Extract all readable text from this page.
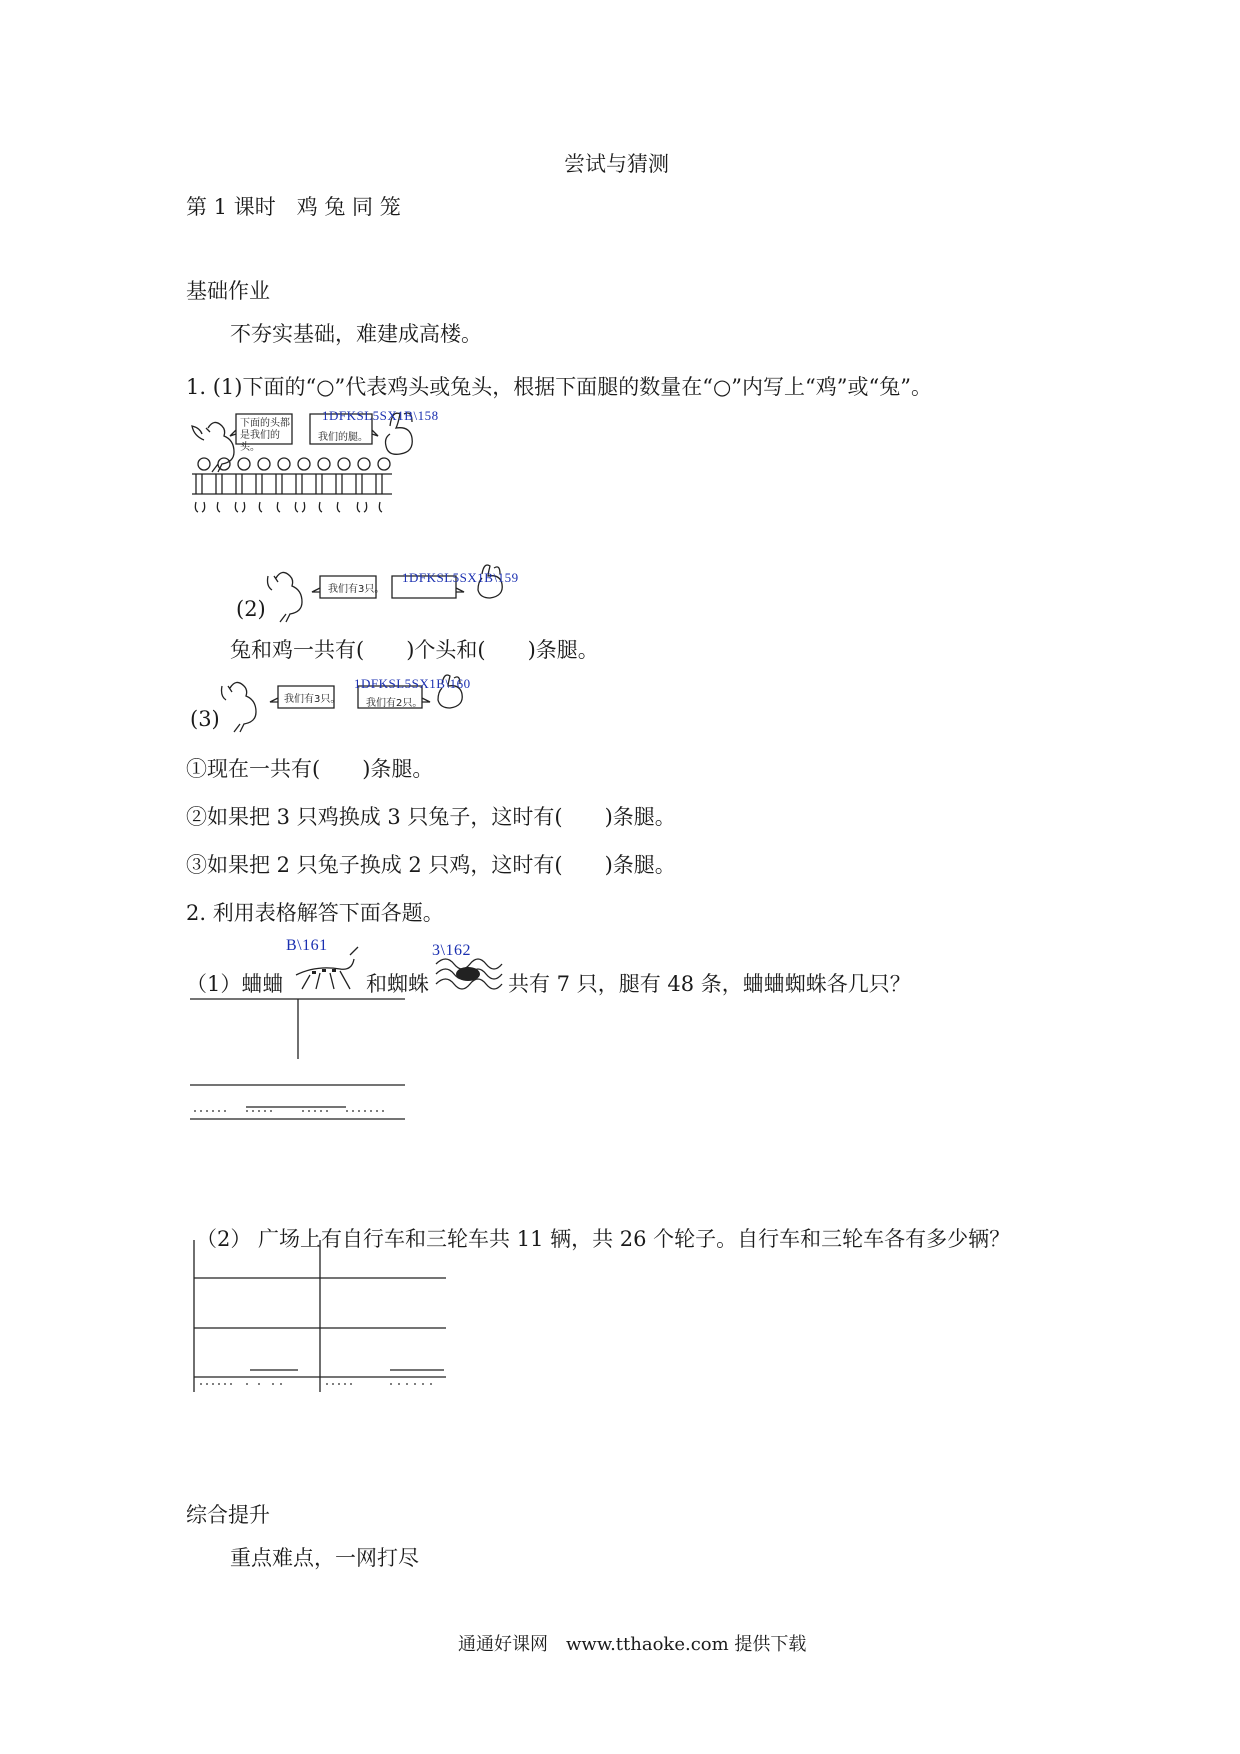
尝试与猜测
第 1 课时　鸡 兔 同 笼
基础作业
不夯实基础，难建成高楼。
1. (1)下面的“○”代表鸡头或兔头，根据下面腿的数量在“○”内写上“鸡”或“兔”。
下面的头都是我们的头。
1DFKSL5SX1B\158
我们的腿。
(2)
我们有3只。
1DFKSL5SX1B\159
兔和鸡一共有(　　)个头和(　　)条腿。
(3)
我们有3只。
1DFKSL5SX1B\160
我们有2只。
①现在一共有(　　)条腿。
②如果把 3 只鸡换成 3 只兔子，这时有(　　)条腿。
③如果把 2 只兔子换成 2 只鸡，这时有(　　)条腿。
2. 利用表格解答下面各题。
（1）蛐蛐
B\161
和蜘蛛
3\162
共有 7 只，腿有 48 条，蛐蛐蜘蛛各几只？
（2） 广场上有自行车和三轮车共 11 辆，共 26 个轮子。自行车和三轮车各有多少辆？
综合提升
重点难点，一网打尽
通通好课网　www.tthaoke.com 提供下载
